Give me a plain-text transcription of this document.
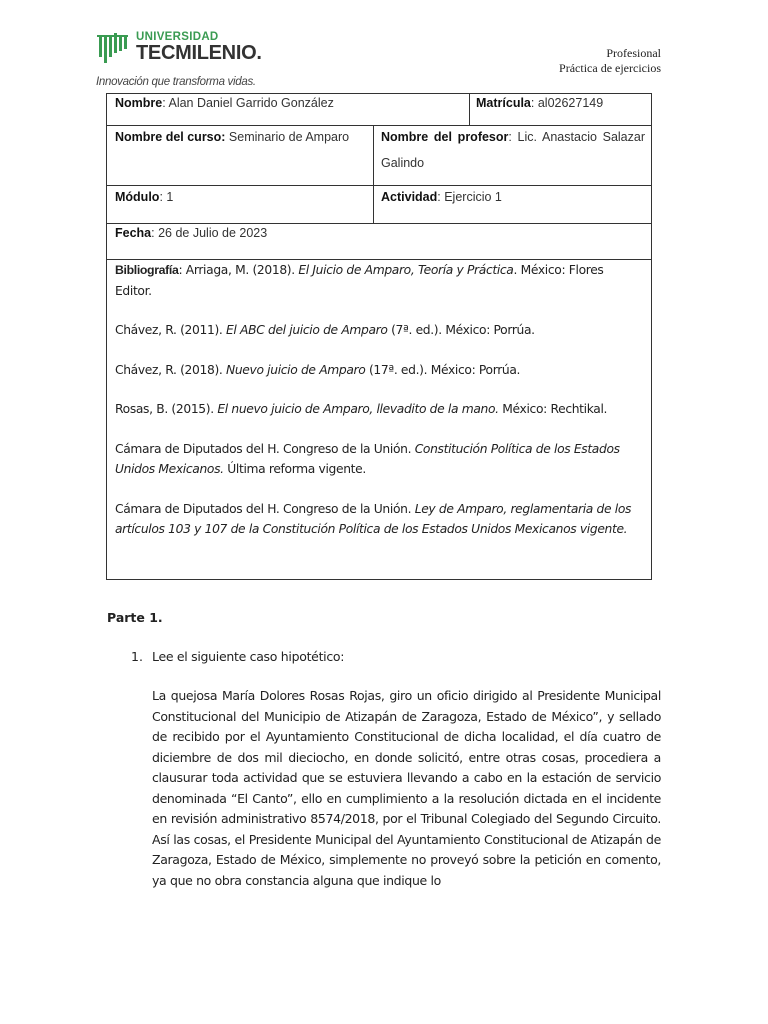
UNIVERSIDAD
TECMILENIO.
Innovación que transforma vidas.
Profesional
Práctica de ejercicios
Nombre: Alan Daniel Garrido González	Matrícula: al02627149
Nombre del curso: Seminario de Amparo	Nombre del profesor: Lic. Anastacio Salazar Galindo
Módulo: 1	Actividad: Ejercicio 1
Fecha: 26 de Julio de 2023

Bibliografía: Arriaga, M. (2018). El Juicio de Amparo, Teoría y Práctica. México: Flores Editor.

Chávez, R. (2011). El ABC del juicio de Amparo (7ª. ed.). México: Porrúa.

Chávez, R. (2018). Nuevo juicio de Amparo (17ª. ed.). México: Porrúa.

Rosas, B. (2015). El nuevo juicio de Amparo, llevadito de la mano. México: Rechtikal.

Cámara de Diputados del H. Congreso de la Unión. Constitución Política de los Estados Unidos Mexicanos. Última reforma vigente.

Cámara de Diputados del H. Congreso de la Unión. Ley de Amparo, reglamentaria de los artículos 103 y 107 de la Constitución Política de los Estados Unidos Mexicanos vigente.

Parte 1.
1. Lee el siguiente caso hipotético:
La quejosa María Dolores Rosas Rojas, giro un oficio dirigido al Presidente Municipal Constitucional del Municipio de Atizapán de Zaragoza, Estado de México”, y sellado de recibido por el Ayuntamiento Constitucional de dicha localidad, el día cuatro de diciembre de dos mil dieciocho, en donde solicitó, entre otras cosas, procediera a clausurar toda actividad que se estuviera llevando a cabo en la estación de servicio denominada “El Canto”, ello en cumplimiento a la resolución dictada en el incidente en revisión administrativo 8574/2018, por el Tribunal Colegiado del Segundo Circuito. Así las cosas, el Presidente Municipal del Ayuntamiento Constitucional de Atizapán de Zaragoza, Estado de México, simplemente no proveyó sobre la petición en comento, ya que no obra constancia alguna que indique lo
